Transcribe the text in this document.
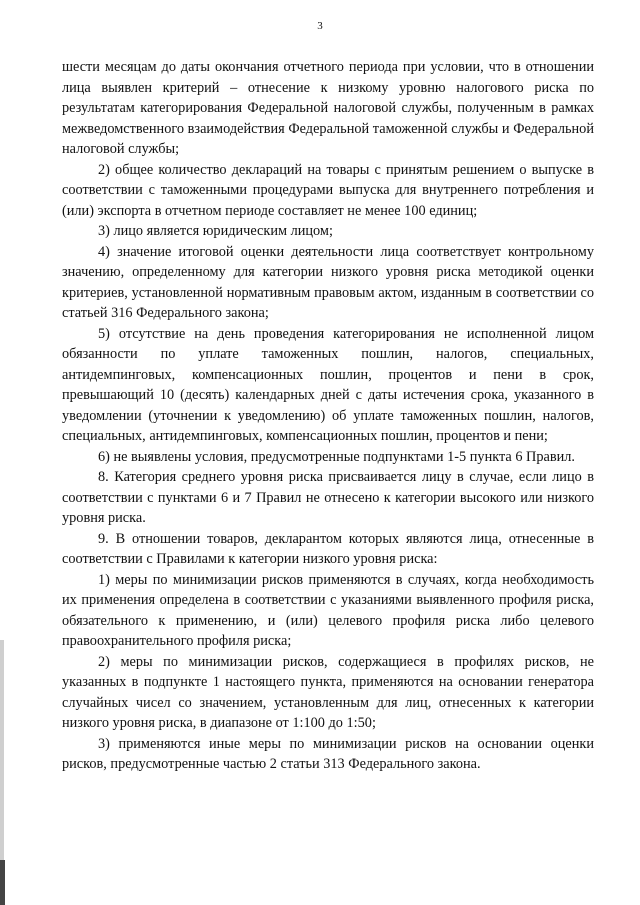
3

шести месяцам до даты окончания отчетного периода при условии, что в отношении лица выявлен критерий – отнесение к низкому уровню налогового риска по результатам категорирования Федеральной налоговой службы, полученным в рамках межведомственного взаимодействия Федеральной таможенной службы и Федеральной налоговой службы;

2) общее количество деклараций на товары с принятым решением о выпуске в соответствии с таможенными процедурами выпуска для внутреннего потребления и (или) экспорта в отчетном периоде составляет не менее 100 единиц;

3) лицо является юридическим лицом;

4) значение итоговой оценки деятельности лица соответствует контрольному значению, определенному для категории низкого уровня риска методикой оценки критериев, установленной нормативным правовым актом, изданным в соответствии со статьей 316 Федерального закона;

5) отсутствие на день проведения категорирования не исполненной лицом обязанности по уплате таможенных пошлин, налогов, специальных, антидемпинговых, компенсационных пошлин, процентов и пени в срок, превышающий 10 (десять) календарных дней с даты истечения срока, указанного в уведомлении (уточнении к уведомлению) об уплате таможенных пошлин, налогов, специальных, антидемпинговых, компенсационных пошлин, процентов и пени;

6) не выявлены условия, предусмотренные подпунктами 1-5 пункта 6 Правил.

8. Категория среднего уровня риска присваивается лицу в случае, если лицо в соответствии с пунктами 6 и 7 Правил не отнесено к категории высокого или низкого уровня риска.

9. В отношении товаров, декларантом которых являются лица, отнесенные в соответствии с Правилами к категории низкого уровня риска:

1) меры по минимизации рисков применяются в случаях, когда необходимость их применения определена в соответствии с указаниями выявленного профиля риска, обязательного к применению, и (или) целевого профиля риска либо целевого правоохранительного профиля риска;

2) меры по минимизации рисков, содержащиеся в профилях рисков, не указанных в подпункте 1 настоящего пункта, применяются на основании генератора случайных чисел со значением, установленным для лиц, отнесенных к категории низкого уровня риска, в диапазоне от 1:100 до 1:50;

3) применяются иные меры по минимизации рисков на основании оценки рисков, предусмотренные частью 2 статьи 313 Федерального закона.
